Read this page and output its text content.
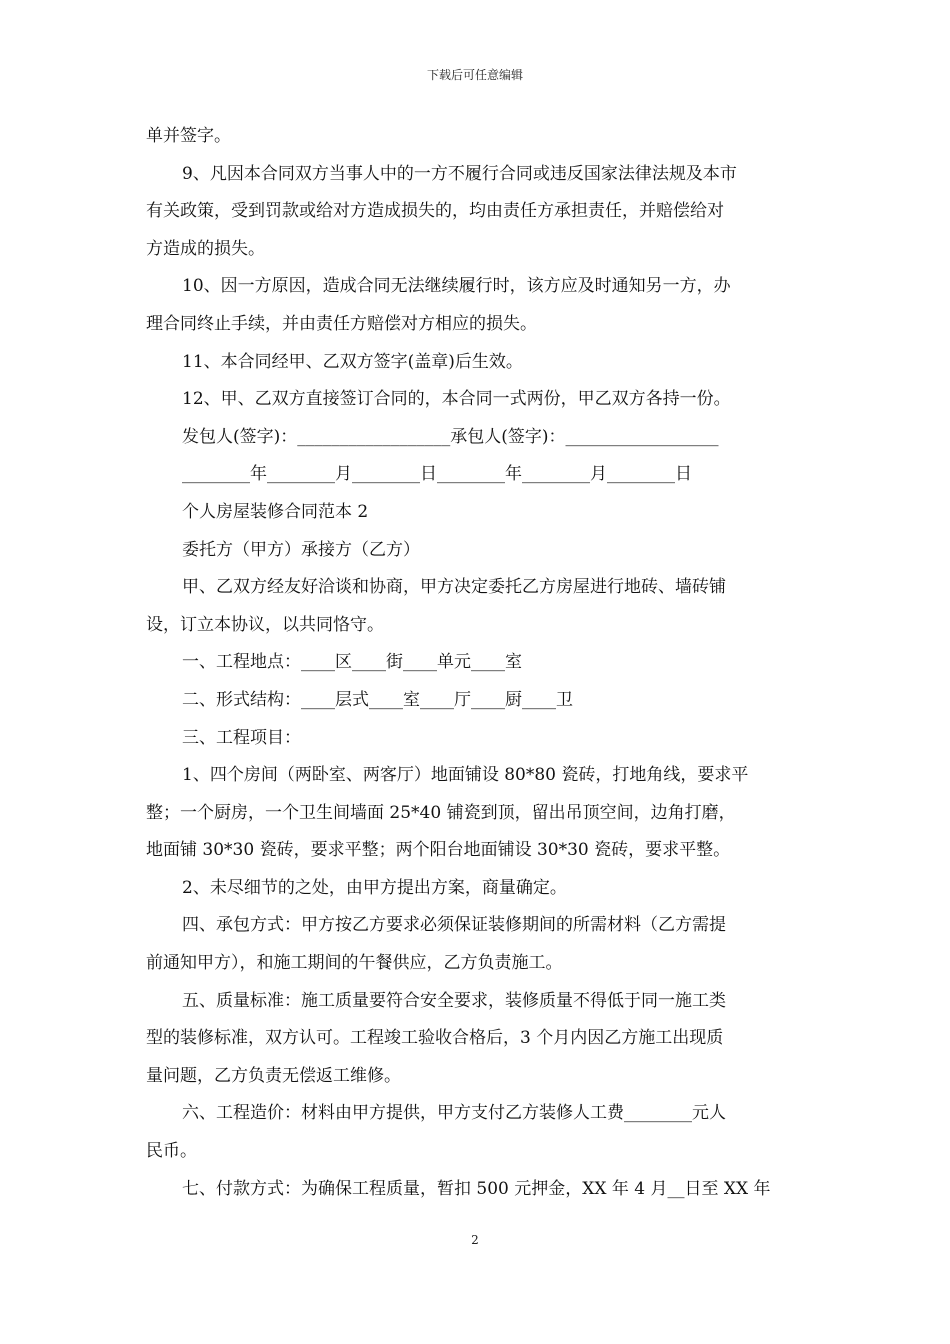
下载后可任意编辑
单并签字。
9、凡因本合同双方当事人中的一方不履行合同或违反国家法律法规及本市
有关政策，受到罚款或给对方造成损失的，均由责任方承担责任，并赔偿给对
方造成的损失。
10、因一方原因，造成合同无法继续履行时，该方应及时通知另一方，办
理合同终止手续，并由责任方赔偿对方相应的损失。
11、本合同经甲、乙双方签字(盖章)后生效。
12、甲、乙双方直接签订合同的，本合同一式两份，甲乙双方各持一份。
发包人(签字)：__________________承包人(签字)：__________________
________年________月________日________年________月________日
个人房屋装修合同范本 2
委托方（甲方）承接方（乙方）
甲、乙双方经友好洽谈和协商，甲方决定委托乙方房屋进行地砖、墙砖铺
设，订立本协议，以共同恪守。
一、工程地点：____区____街____单元____室
二、形式结构：____层式____室____厅____厨____卫
三、工程项目：
1、四个房间（两卧室、两客厅）地面铺设 80*80 瓷砖，打地角线，要求平
整；一个厨房，一个卫生间墙面 25*40 铺瓷到顶，留出吊顶空间，边角打磨，
地面铺 30*30 瓷砖，要求平整；两个阳台地面铺设 30*30 瓷砖，要求平整。
2、未尽细节的之处，由甲方提出方案，商量确定。
四、承包方式：甲方按乙方要求必须保证装修期间的所需材料（乙方需提
前通知甲方），和施工期间的午餐供应，乙方负责施工。
五、质量标准：施工质量要符合安全要求，装修质量不得低于同一施工类
型的装修标准，双方认可。工程竣工验收合格后，3 个月内因乙方施工出现质
量问题，乙方负责无偿返工维修。
六、工程造价：材料由甲方提供，甲方支付乙方装修人工费________元人
民币。
七、付款方式：为确保工程质量，暂扣 500 元押金，XX 年 4 月__日至 XX 年
2
